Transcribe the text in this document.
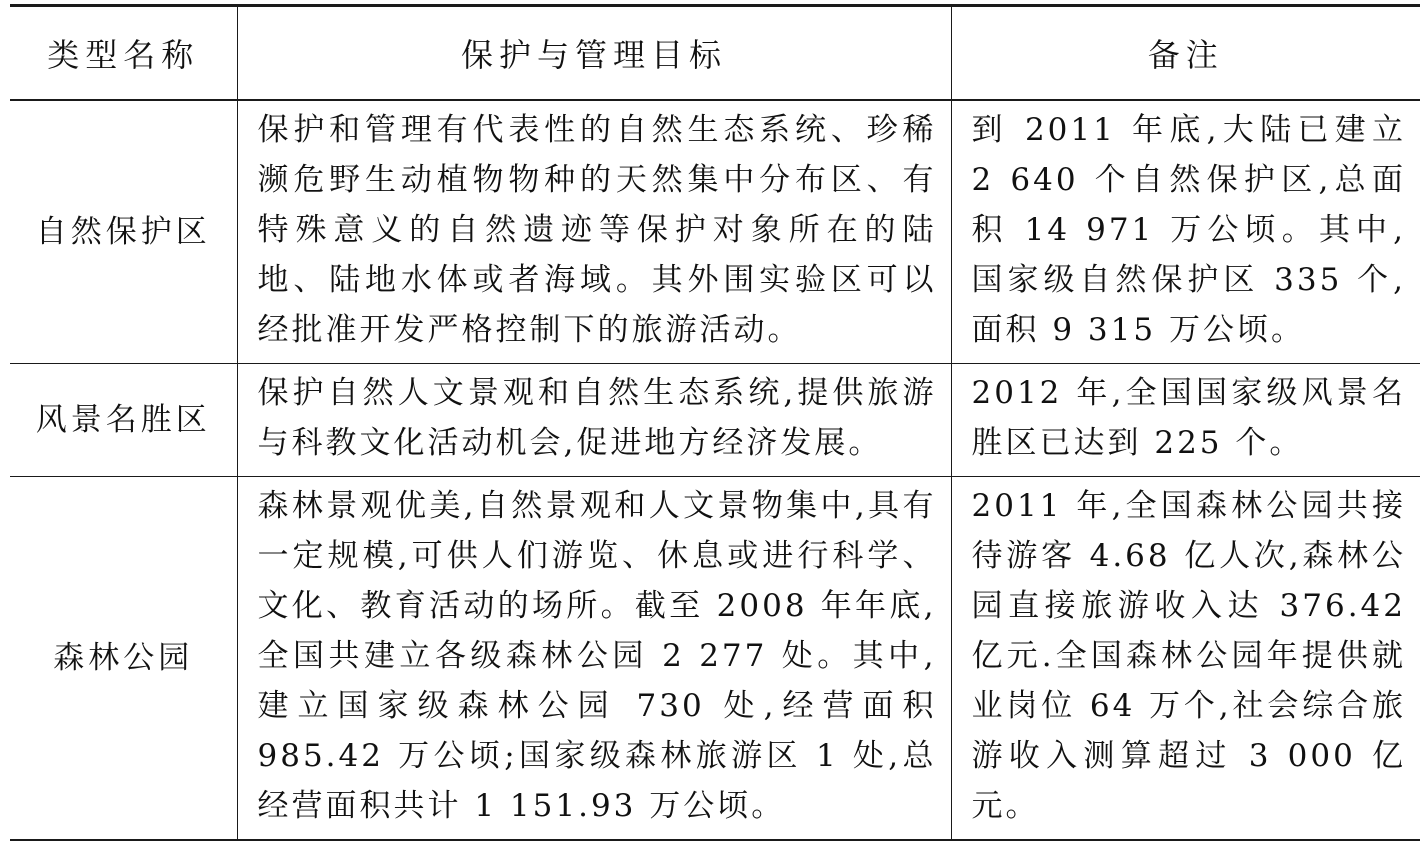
类型名称	保护与管理目标	备注
自然保护区	保护和管理有代表性的自然生态系统、珍稀濒危野生动植物物种的天然集中分布区、有特殊意义的自然遗迹等保护对象所在的陆地、陆地水体或者海域。其外围实验区可以经批准开发严格控制下的旅游活动。	到 2011 年底,大陆已建立 2 640 个自然保护区,总面积 14 971 万公顷。其中,国家级自然保护区 335 个,面积 9 315 万公顷。
风景名胜区	保护自然人文景观和自然生态系统,提供旅游与科教文化活动机会,促进地方经济发展。	2012 年,全国国家级风景名胜区已达到 225 个。
森林公园	森林景观优美,自然景观和人文景物集中,具有一定规模,可供人们游览、休息或进行科学、文化、教育活动的场所。截至 2008 年年底,全国共建立各级森林公园 2 277 处。其中,建立国家级森林公园 730 处,经营面积 985.42 万公顷;国家级森林旅游区 1 处,总经营面积共计 1 151.93 万公顷。	2011 年,全国森林公园共接待游客 4.68 亿人次,森林公园直接旅游收入达 376.42 亿元.全国森林公园年提供就业岗位 64 万个,社会综合旅游收入测算超过 3 000 亿元。
